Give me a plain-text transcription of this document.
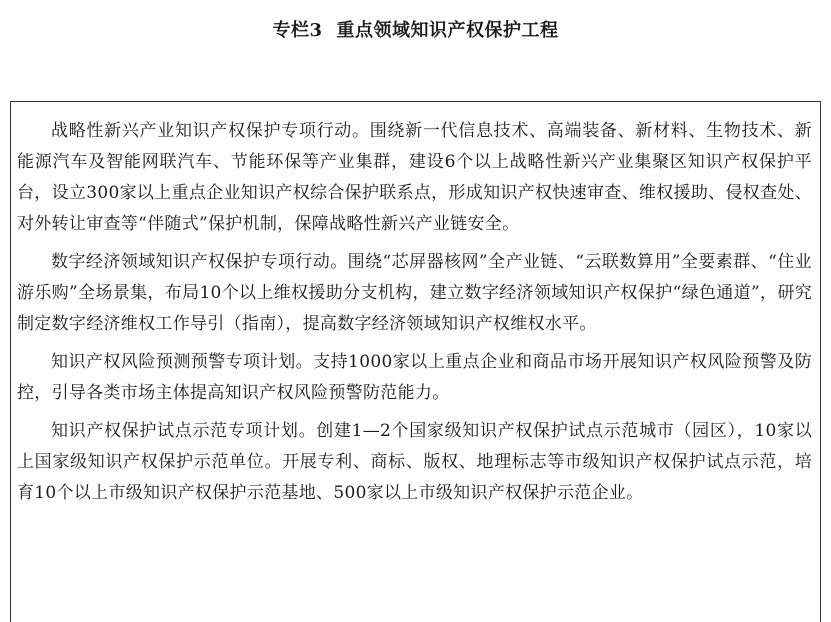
专栏3 重点领域知识产权保护工程

战略性新兴产业知识产权保护专项行动。围绕新一代信息技术、高端装备、新材料、生物技术、新能源汽车及智能网联汽车、节能环保等产业集群，建设6个以上战略性新兴产业集聚区知识产权保护平台，设立300家以上重点企业知识产权综合保护联系点，形成知识产权快速审查、维权援助、侵权查处、对外转让审查等“伴随式”保护机制，保障战略性新兴产业链安全。

数字经济领域知识产权保护专项行动。围绕“芯屏器核网”全产业链、“云联数算用”全要素群、“住业游乐购”全场景集，布局10个以上维权援助分支机构，建立数字经济领域知识产权保护“绿色通道”，研究制定数字经济维权工作导引（指南），提高数字经济领域知识产权维权水平。

知识产权风险预测预警专项计划。支持1000家以上重点企业和商品市场开展知识产权风险预警及防控，引导各类市场主体提高知识产权风险预警防范能力。

知识产权保护试点示范专项计划。创建1—2个国家级知识产权保护试点示范城市（园区），10家以上国家级知识产权保护示范单位。开展专利、商标、版权、地理标志等市级知识产权保护试点示范，培育10个以上市级知识产权保护示范基地、500家以上市级知识产权保护示范企业。
